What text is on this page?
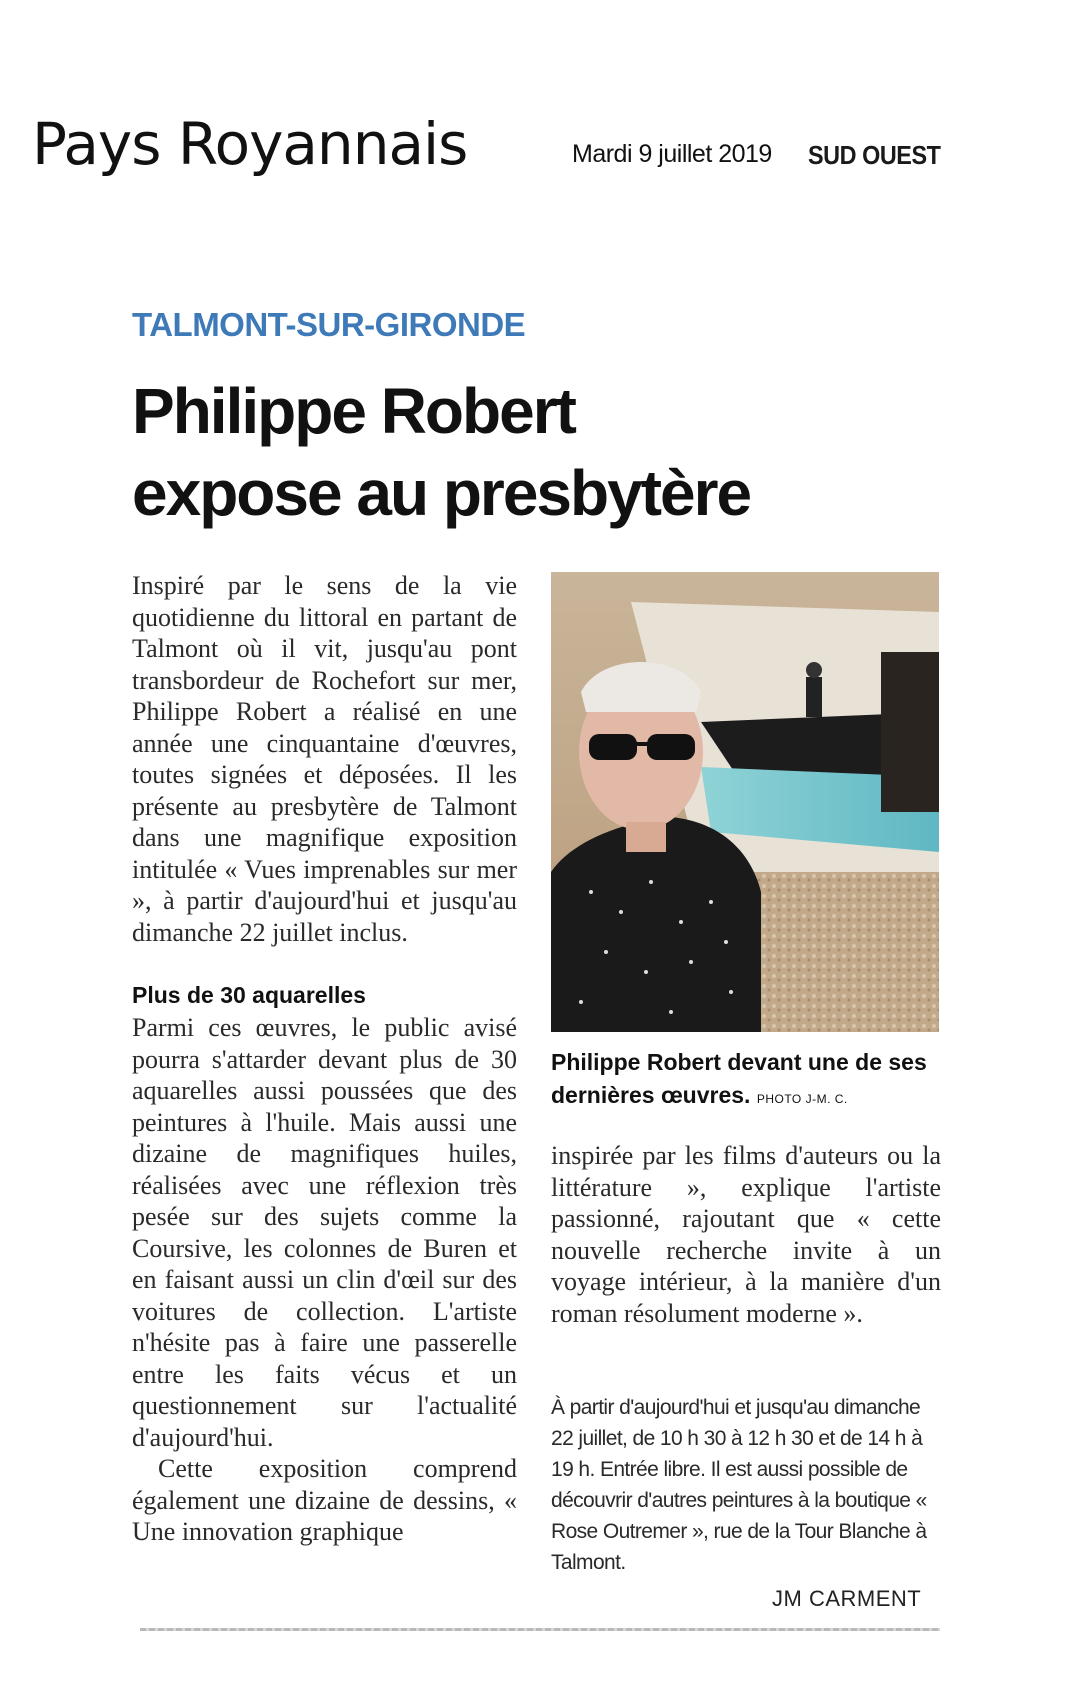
Pays Royannais	Mardi 9 juillet 2019 SUD OUEST
TALMONT-SUR-GIRONDE
Philippe Robert
expose au presbytère

Inspiré par le sens de la vie quotidienne du littoral en partant de Talmont où il vit, jusqu'au pont transbordeur de Rochefort sur mer, Philippe Robert a réalisé en une année une cinquantaine d'œuvres, toutes signées et déposées. Il les présente au presbytère de Talmont dans une magnifique exposition intitulée « Vues imprenables sur mer », à partir d'aujourd'hui et jusqu'au dimanche 22 juillet inclus.

Plus de 30 aquarelles

Parmi ces œuvres, le public avisé pourra s'attarder devant plus de 30 aquarelles aussi poussées que des peintures à l'huile. Mais aussi une dizaine de magnifiques huiles, réalisées avec une réflexion très pesée sur des sujets comme la Coursive, les colonnes de Buren et en faisant aussi un clin d'œil sur des voitures de collection. L'artiste n'hésite pas à faire une passerelle entre les faits vécus et un questionnement sur l'actualité d'aujourd'hui.

Cette exposition comprend également une dizaine de dessins, « Une innovation graphique

Philippe Robert devant une de ses dernières œuvres. PHOTO J-M. C.

inspirée par les films d'auteurs ou la littérature », explique l'artiste passionné, rajoutant que « cette nouvelle recherche invite à un voyage intérieur, à la manière d'un roman résolument moderne ».

À partir d'aujourd'hui et jusqu'au dimanche 22 juillet, de 10 h 30 à 12 h 30 et de 14 h à 19 h. Entrée libre. Il est aussi possible de découvrir d'autres peintures à la boutique « Rose Outremer », rue de la Tour Blanche à Talmont.

JM CARMENT
